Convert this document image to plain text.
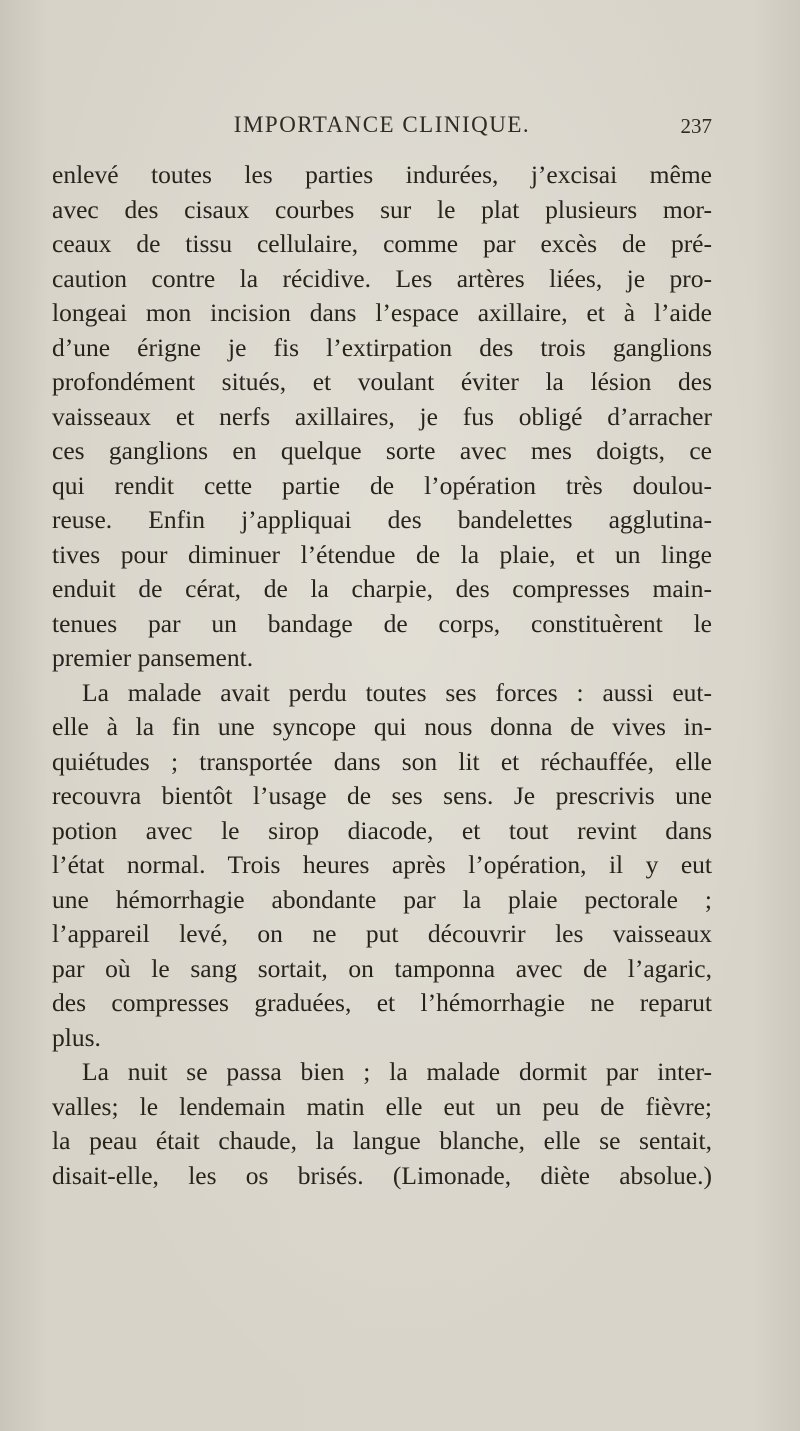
IMPORTANCE CLINIQUE.	237
enlevé toutes les parties indurées, j’excisai même
avec des cisaux courbes sur le plat plusieurs mor-
ceaux de tissu cellulaire, comme par excès de pré-
caution contre la récidive. Les artères liées, je pro-
longeai mon incision dans l’espace axillaire, et à l’aide
d’une érigne je fis l’extirpation des trois ganglions
profondément situés, et voulant éviter la lésion des
vaisseaux et nerfs axillaires, je fus obligé d’arracher
ces ganglions en quelque sorte avec mes doigts, ce
qui rendit cette partie de l’opération très doulou-
reuse. Enfin j’appliquai des bandelettes agglutina-
tives pour diminuer l’étendue de la plaie, et un linge
enduit de cérat, de la charpie, des compresses main-
tenues par un bandage de corps, constituèrent le
premier pansement.
La malade avait perdu toutes ses forces : aussi eut-
elle à la fin une syncope qui nous donna de vives in-
quiétudes ; transportée dans son lit et réchauffée, elle
recouvra bientôt l’usage de ses sens. Je prescrivis une
potion avec le sirop diacode, et tout revint dans
l’état normal. Trois heures après l’opération, il y eut
une hémorrhagie abondante par la plaie pectorale ;
l’appareil levé, on ne put découvrir les vaisseaux
par où le sang sortait, on tamponna avec de l’agaric,
des compresses graduées, et l’hémorrhagie ne reparut
plus.
La nuit se passa bien ; la malade dormit par inter-
valles; le lendemain matin elle eut un peu de fièvre;
la peau était chaude, la langue blanche, elle se sentait,
disait-elle, les os brisés. (Limonade, diète absolue.)
